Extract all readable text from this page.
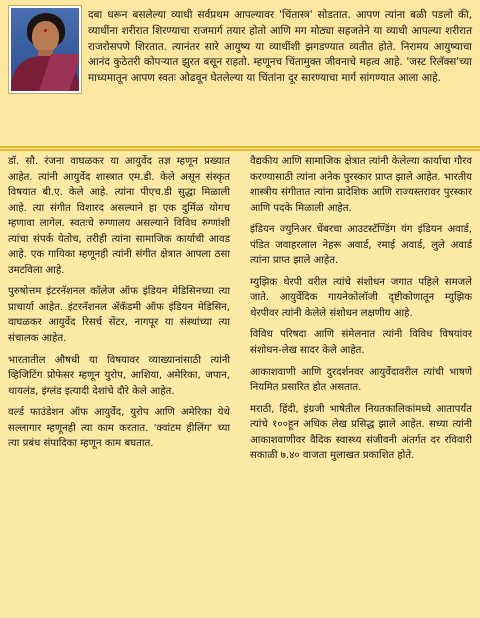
दबा धरून बसलेल्या व्याधी सर्वप्रथम आपल्यावर 'चिंतास्त्र' सोडतात. आपण त्यांना बळी पडलो की, व्याधींना शरीरात शिरण्याचा राजमार्ग तयार होतो आणि मग मोठ्या सहजतेने या व्याधी आपल्या शरीरात राजरोसपणे शिरतात. त्यानंतर सारे आयुष्य या व्याधींशी झगडण्यात व्यतीत होते. निरामय आयुष्याचा आनंद कुठेतरी कोपऱ्यात झुरत बसून राहतो. म्हणूनच चिंतामुक्त जीवनाचे महत्व आहे. 'जस्ट रिलॅक्स'च्या माध्यमातून आपण स्वतः ओढवून घेतलेल्या या चिंतांना दूर सारण्याचा मार्ग सांगण्यात आला आहे.

डॉ. सौ. रंजना वाघळकर या आयुर्वेद तज्ञ म्हणून प्रख्यात आहेत. त्यांनी आयुर्वेद शास्त्रात एम.डी. केले असून संस्कृत विषयात बी.ए. केले आहे. त्यांना पीएच.डी सुद्धा मिळाली आहे. त्या संगीत विशारद असल्याने हा एक दुर्मिळ योगच म्हणावा लागेल. स्वतःचे रुग्णालय असल्याने विविध रुग्णांशी त्यांचा संपर्क येतोच, तरीही त्यांना सामाजिक कार्याची आवड आहे. एक गायिका म्हणूनही त्यांनी संगीत क्षेत्रात आपला ठसा उमटविला आहे.

पुरुषोत्तम इंटरनॅशनल कॉलेज ऑफ इंडियन मेडिसिनच्या त्या प्राचार्या आहेत. इंटरनॅशनल ॲकॅडमी ऑफ इंडियन मेडिसिन, वाघळकर आयुर्वेद रिसर्च सेंटर, नागपूर या संस्थांच्या त्या संचालक आहेत.

भारतातील औषधी या विषयावर व्याख्यानांसाठी त्यांनी व्हिजिटिंग प्रोफेसर म्हणून युरोप, आशिया, अमेरिका, जपान, थायलंड, इंग्लंड इत्यादी देशांचे दौरे केले आहेत.

वर्ल्ड फाउंडेशन ऑफ आयुर्वेद, युरोप आणि अमेरिका येथे सल्लागार म्हणूनही त्या काम करतात. 'क्वांटम हीलिंग' च्या त्या प्रबंध संपादिका म्हणून काम बघतात.

वैद्यकीय आणि सामाजिक क्षेत्रात त्यांनी केलेल्या कार्याचा गौरव करण्यासाठी त्यांना अनेक पुरस्कार प्राप्त झाले आहेत. भारतीय शास्त्रीय संगीतात त्यांना प्रादेशिक आणि राज्यस्तरावर पुरस्कार आणि पदके मिळाली आहेत.

इंडियन ज्युनिअर चेंबरचा आउटस्टॅण्डिंग यंग इंडियन अवार्ड, पंडित जवाहरलाल नेहरू अवार्ड, रमाई अवार्ड, लुले अवार्ड त्यांना प्राप्त झाले आहेत.

म्युझिक थेरपी वरील त्यांचे संशोधन जगात पहिले समजले जाते. आयुर्वेदिक गायनेकोलॉजी दृष्टीकोणातून म्युझिक थेरपीवर त्यांनी केलेले संशोधन लक्षणीय आहे.

विविध परिषदा आणि संमेलनात त्यांनी विविध विषयांवर संशोधन-लेख सादर केले आहेत.

आकाशवाणी आणि दुरदर्शनवर आयुर्वेदावरील त्यांची भाषणे नियमित प्रसारित होत असतात.

मराठी, हिंदी, इंग्रजी भाषेतील नियतकालिकांमध्ये आतापर्यंत त्यांचे १००हून अधिक लेख प्रसिद्ध झाले आहेत. सध्या त्यांनी आकाशवाणीवर वैदिक स्वास्थ्य संजीवनी अंतर्गत दर रविवारी सकाळी ७.४० वाजता मुलाखत प्रकाशित होते.
